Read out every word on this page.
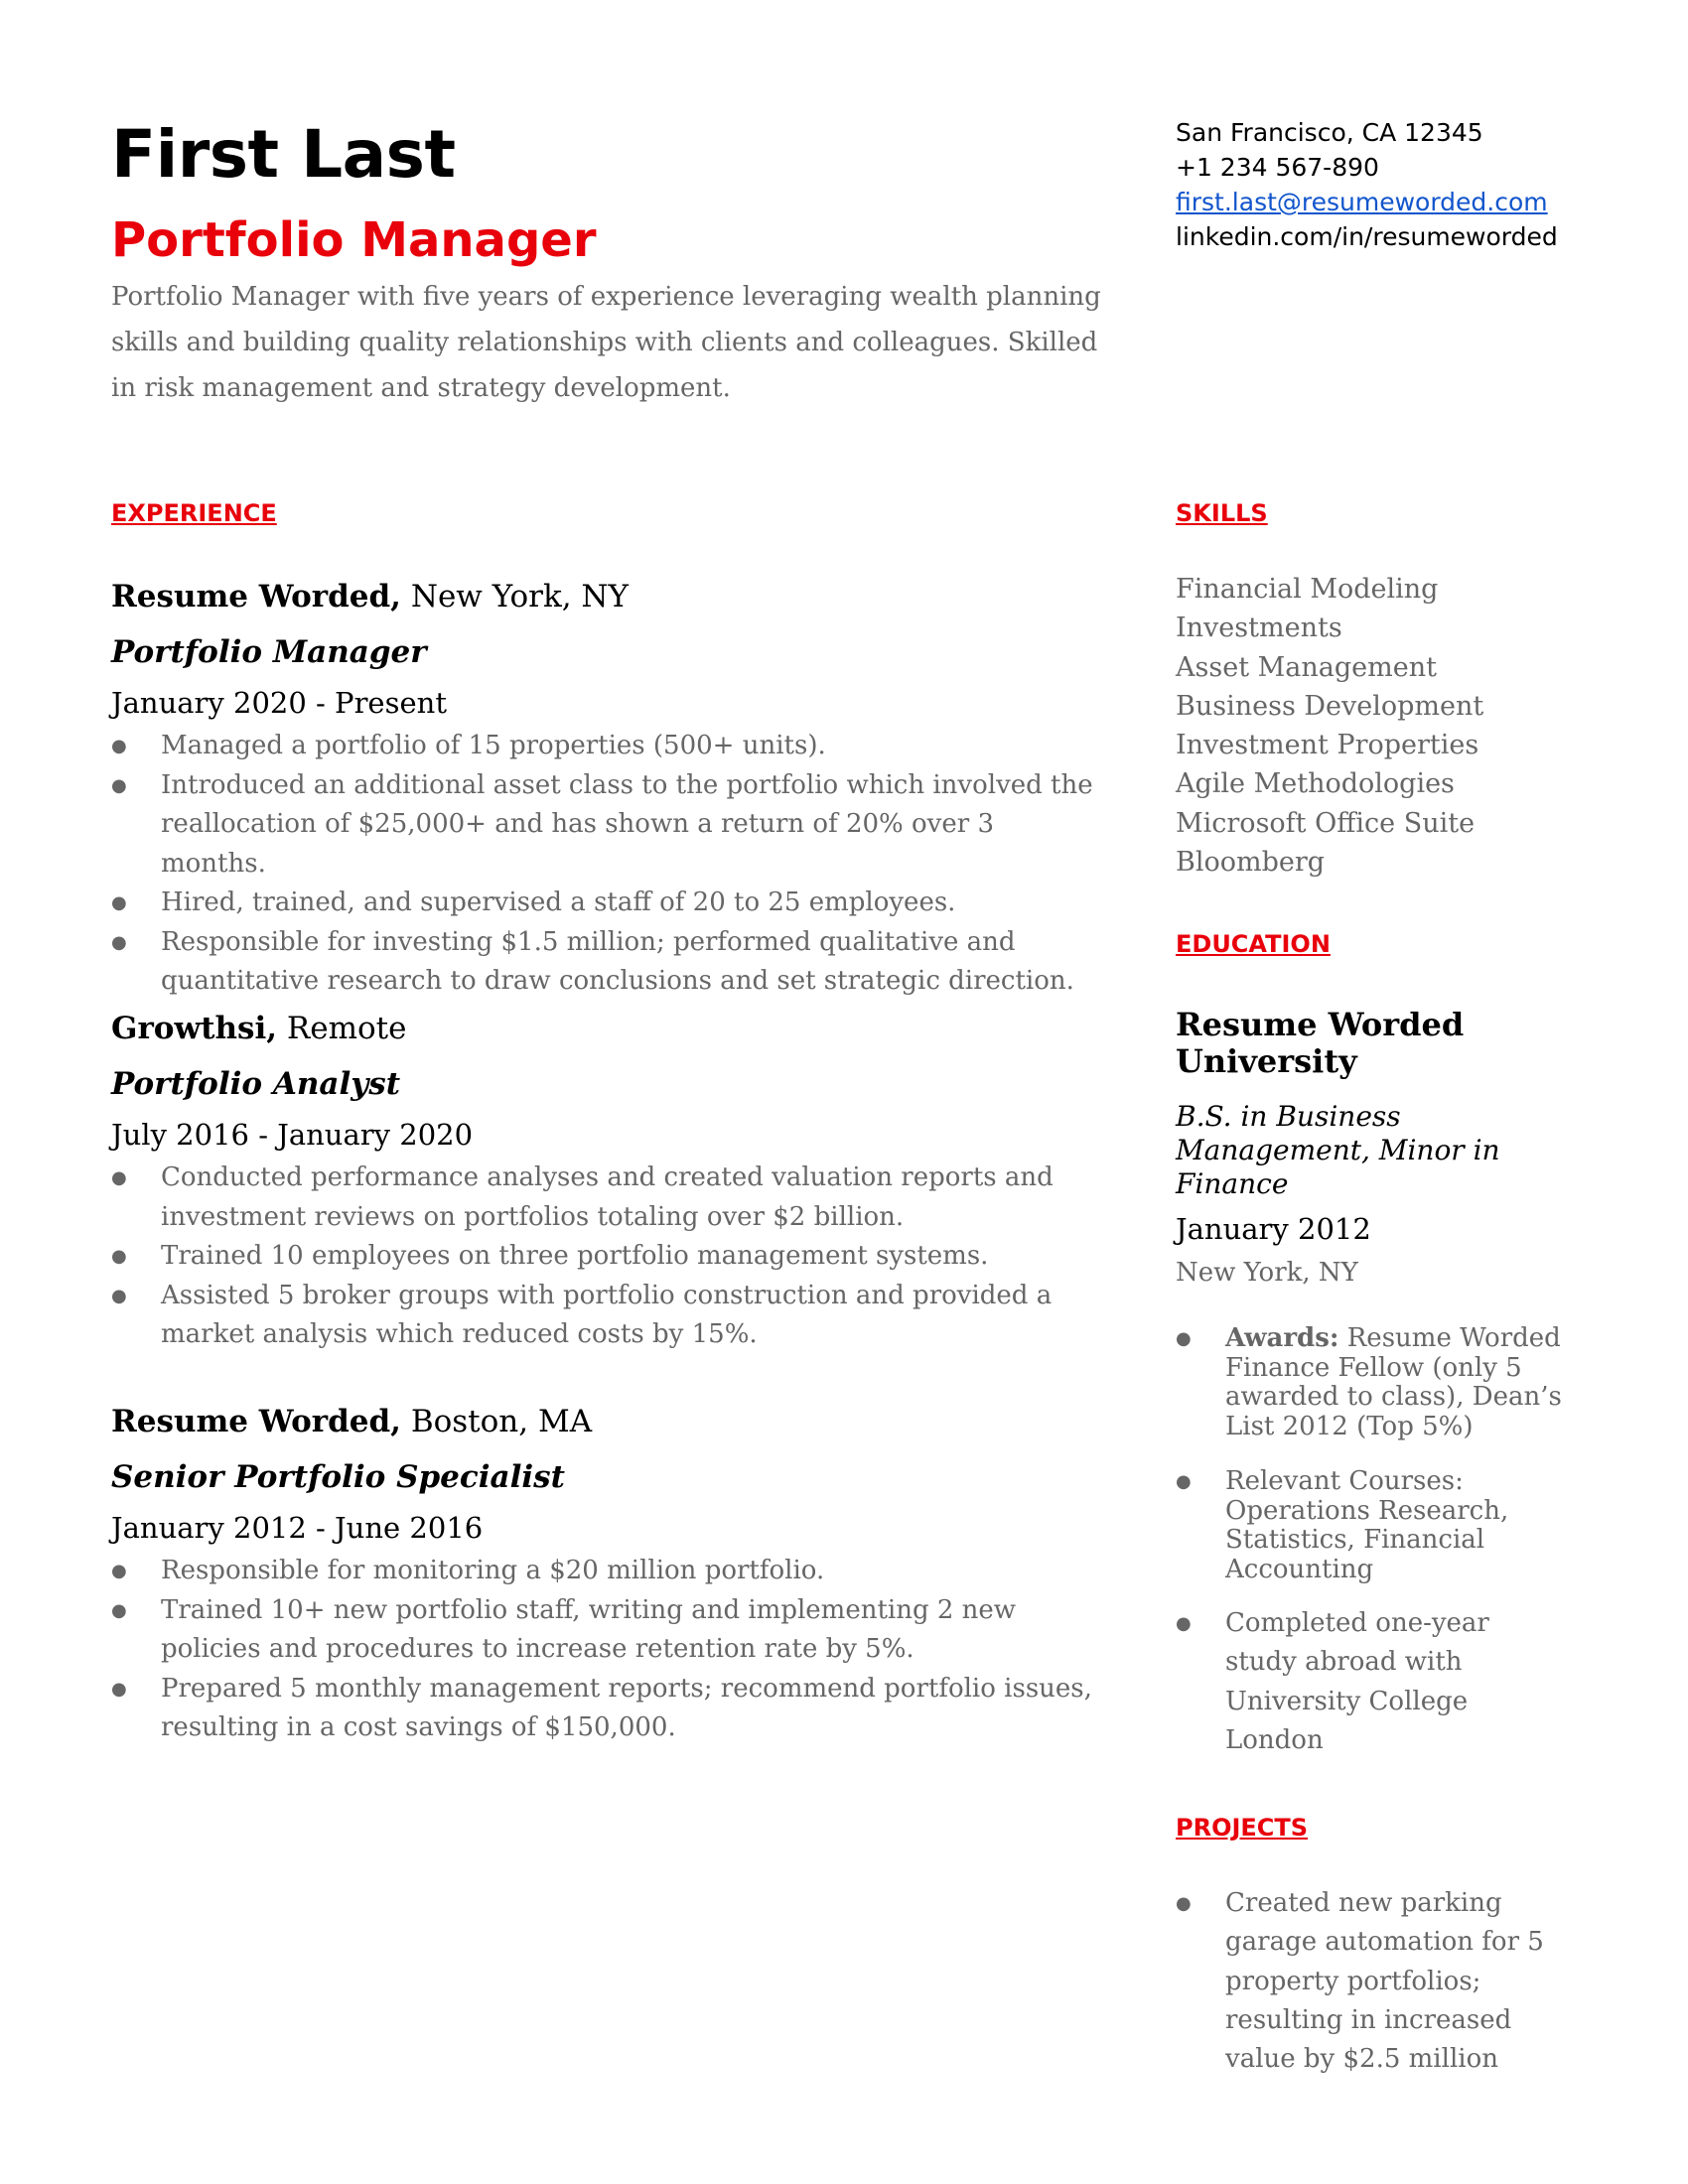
First Last
Portfolio Manager
Portfolio Manager with five years of experience leveraging wealth planning skills and building quality relationships with clients and colleagues. Skilled in risk management and strategy development.
San Francisco, CA 12345
+1 234 567-890
first.last@resumeworded.com
linkedin.com/in/resumeworded
EXPERIENCE
Resume Worded, New York, NY
Portfolio Manager
January 2020 - Present
● Managed a portfolio of 15 properties (500+ units).
● Introduced an additional asset class to the portfolio which involved the reallocation of $25,000+ and has shown a return of 20% over 3 months.
● Hired, trained, and supervised a staff of 20 to 25 employees.
● Responsible for investing $1.5 million; performed qualitative and quantitative research to draw conclusions and set strategic direction.
Growthsi, Remote
Portfolio Analyst
July 2016 - January 2020
● Conducted performance analyses and created valuation reports and investment reviews on portfolios totaling over $2 billion.
● Trained 10 employees on three portfolio management systems.
● Assisted 5 broker groups with portfolio construction and provided a market analysis which reduced costs by 15%.
Resume Worded, Boston, MA
Senior Portfolio Specialist
January 2012 - June 2016
● Responsible for monitoring a $20 million portfolio.
● Trained 10+ new portfolio staff, writing and implementing 2 new policies and procedures to increase retention rate by 5%.
● Prepared 5 monthly management reports; recommend portfolio issues, resulting in a cost savings of $150,000.
SKILLS
Financial Modeling
Investments
Asset Management
Business Development
Investment Properties
Agile Methodologies
Microsoft Office Suite
Bloomberg
EDUCATION
Resume Worded University
B.S. in Business Management, Minor in Finance
January 2012
New York, NY
● Awards: Resume Worded Finance Fellow (only 5 awarded to class), Dean’s List 2012 (Top 5%)
● Relevant Courses: Operations Research, Statistics, Financial Accounting
● Completed one-year study abroad with University College London
PROJECTS
● Created new parking garage automation for 5 property portfolios; resulting in increased value by $2.5 million
